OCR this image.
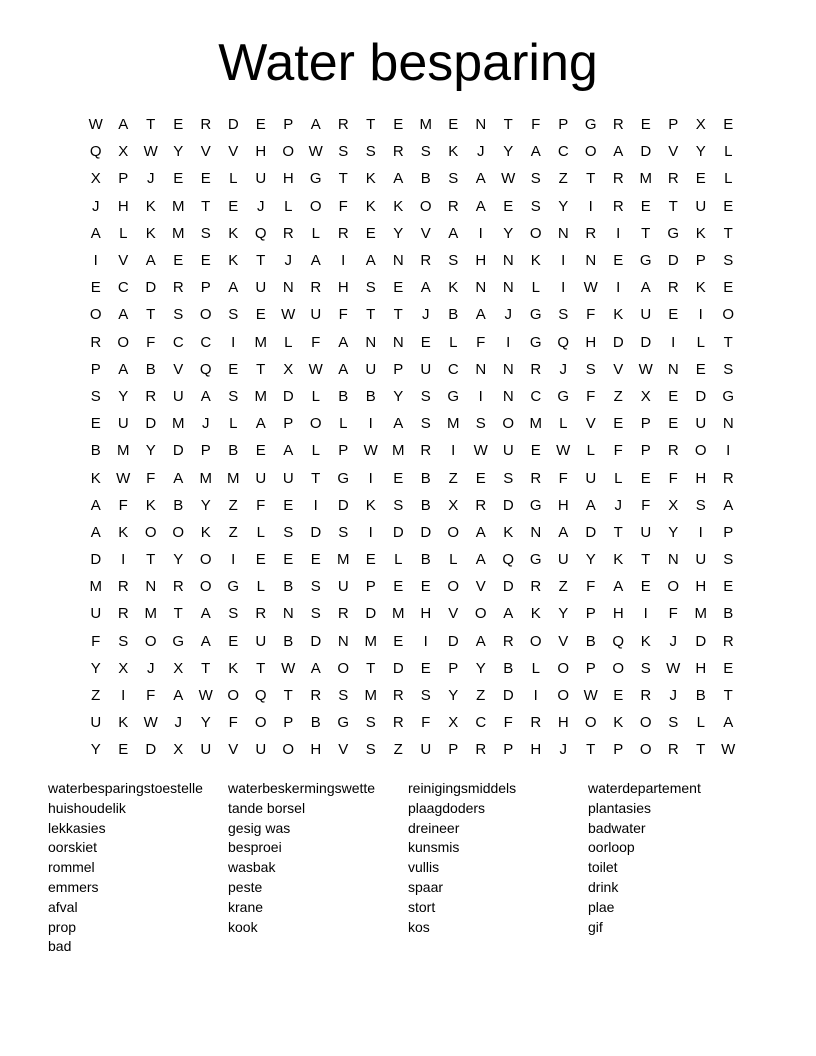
Water besparing
W	A	T	E	R	D	E	P	A	R	T	E	M	E	N	T	F	P	G	R	E	P	X	E
Q	X	W	Y	V	V	H	O W	S	S	R	S	K	J	Y	A	C	O	A	D	V	Y	L
X	P	J	E	E	L	U	H	G	T	K	A	B	S	A	W	S	Z	T	R	M	R	E	L
J	H	K	M	T	E	J	L	O	F	K	K	O	R	A	E	S	Y	I	R	E	T	U	E
A	L	K	M	S	K	Q	R	L	R	E	Y	V	A	I	Y	O	N	R	I	T	G	K	T
I	V	A	E	E	K	T	J	A	I	A	N	R	S	H	N	K	I	N	E	G	D	P	S
E	C	D	R	P	A	U	N	R	H	S	E	A	K	N	N	L	I	W	I	A	R	K	E
O	A	T	S	O	S	E	W	U	F	T	T	J	B	A	J	G	S	F	K	U	E	I	O
R	O	F	C	C	I	M	L	F	A	N	N	E	L	F	I	G	Q	H	D	D	I	L	T
P	A	B	V	Q	E	T	X	W	A	U	P	U	C	N	N	R	J	S	V	W	N	E	S
S	Y	R	U	A	S	M	D	L	B	B	Y	S	G	I	N	C	G	F	Z	X	E	D	G
E	U	D	M	J	L	A	P	O	L	I	A	S	M	S	O	M	L	V	E	P	E	U	N
B	M	Y	D	P	B	E	A	L	P	W M	R	I	W	U	E	W	L	F	P	R	O	I
K	W	F	A	M	M	U	U	T	G	I	E	B	Z	E	S	R	F	U	L	E	F	H	R
A	F	K	B	Y	Z	F	E	I	D	K	S	B	X	R	D	G	H	A	J	F	X	S	A
A	K	O	O	K	Z	L	S	D	S	I	D	D	O	A	K	N	A	D	T	U	Y	I	P
D	I	T	Y	O	I	E	E	E	M	E	L	B	L	A	Q	G	U	Y	K	T	N	U	S
M	R	N	R	O	G	L	B	S	U	P	E	E	O	V	D	R	Z	F	A	E	O	H	E
U	R	M	T	A	S	R	N	S	R	D	M	H	V	O	A	K	Y	P	H	I	F	M	B
F	S	O	G	A	E	U	B	D	N	M	E	I	D	A	R	O	V	B	Q	K	J	D	R
Y	X	J	X	T	K	T	W	A	O	T	D	E	P	Y	B	L	O	P	O	S	W	H	E
Z	I	F	A	W O	Q	T	R	S	M	R	S	Y	Z	D	I	O W	E	R	J	B	T
U	K	W	J	Y	F	O	P	B	G	S	R	F	X	C	F	R	H	O	K	O	S	L	A
Y	E	D	X	U	V	U	O	H	V	S	Z	U	P	R	P	H	J	T	P	O	R	T	W
waterbesparingstoestelle
huishoudelik
lekkasies
oorskiet
rommel
emmers
afval
prop
bad
waterbeskermingswette
tande borsel
gesig was
besproei
wasbak
peste
krane
kook
reinigingsmiddels
plaagdoders
dreineer
kunsmis
vullis
spaar
stort
kos
waterdepartement
plantasies
badwater
oorloop
toilet
drink
plae
gif
